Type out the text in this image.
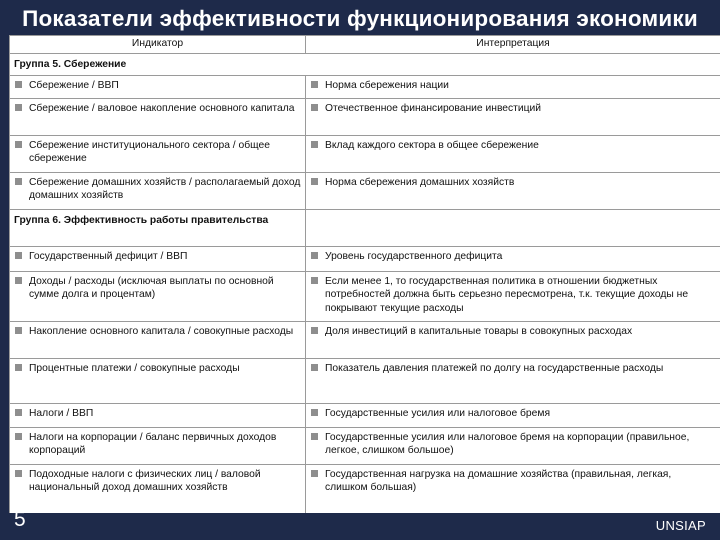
Показатели эффективности функционирования экономики
Индикатор	Интерпретация
Группа 5. Сбережение	

Сбережение / ВВП	Норма сбережения нации

Сбережение / валовое накопление основного капитала	Отечественное финансирование инвестиций

Сбережение институционального сектора / общее сбережение	Вклад каждого сектора в общее сбережение

Сбережение домашних хозяйств / располагаемый доход домашних хозяйств	Норма сбережения домашних хозяйств

Группа 6. Эффективность работы правительства	

Государственный дефицит / ВВП	Уровень государственного дефицита

Доходы / расходы (исключая выплаты по основной сумме долга и процентам)	Если менее 1, то государственная политика в отношении бюджетных потребностей должна быть серьезно пересмотрена, т.к. текущие доходы не покрывают текущие расходы

Накопление основного капитала / совокупные расходы	Доля инвестиций в капитальные товары в совокупных расходах

Процентные платежи / совокупные расходы	Показатель давления платежей по долгу на государственные расходы

Налоги / ВВП	Государственные усилия или налоговое бремя

Налоги на корпорации / баланс первичных доходов корпораций	Государственные усилия или налоговое бремя на корпорации (правильное, легкое, слишком большое)

Подоходные налоги с физических лиц / валовой национальный доход домашних хозяйств	Государственная нагрузка на домашние хозяйства (правильная, легкая, слишком большая)
5	UNSIAP
